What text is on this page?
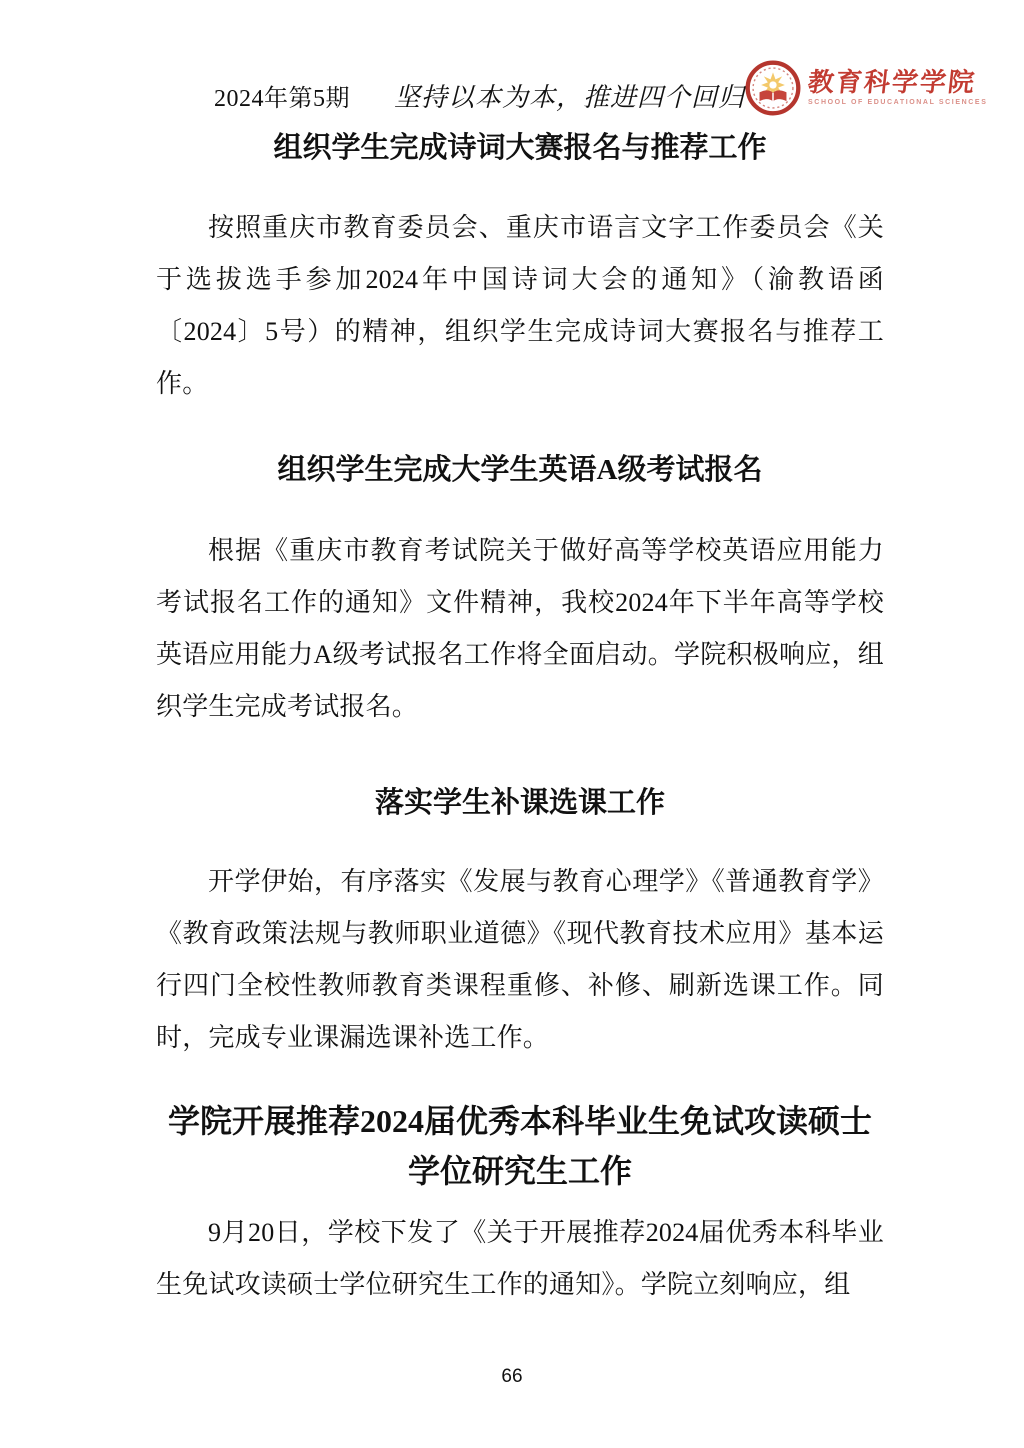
2024年第5期 坚持以本为本，推进四个回归 教育科学学院
SCHOOL OF EDUCATIONAL SCIENCES
组织学生完成诗词大赛报名与推荐工作

按照重庆市教育委员会、重庆市语言文字工作委员会《关于选拔选手参加2024年中国诗词大会的通知》（渝教语函〔2024〕5号）的精神，组织学生完成诗词大赛报名与推荐工作。

组织学生完成大学生英语A级考试报名

根据《重庆市教育考试院关于做好高等学校英语应用能力考试报名工作的通知》文件精神，我校2024年下半年高等学校英语应用能力A级考试报名工作将全面启动。学院积极响应，组织学生完成考试报名。

落实学生补课选课工作

开学伊始，有序落实《发展与教育心理学》《普通教育学》《教育政策法规与教师职业道德》《现代教育技术应用》基本运行四门全校性教师教育类课程重修、补修、刷新选课工作。同时，完成专业课漏选课补选工作。

学院开展推荐2024届优秀本科毕业生免试攻读硕士学位研究生工作

9月20日，学校下发了《关于开展推荐2024届优秀本科毕业生免试攻读硕士学位研究生工作的通知》。学院立刻响应，组

66
